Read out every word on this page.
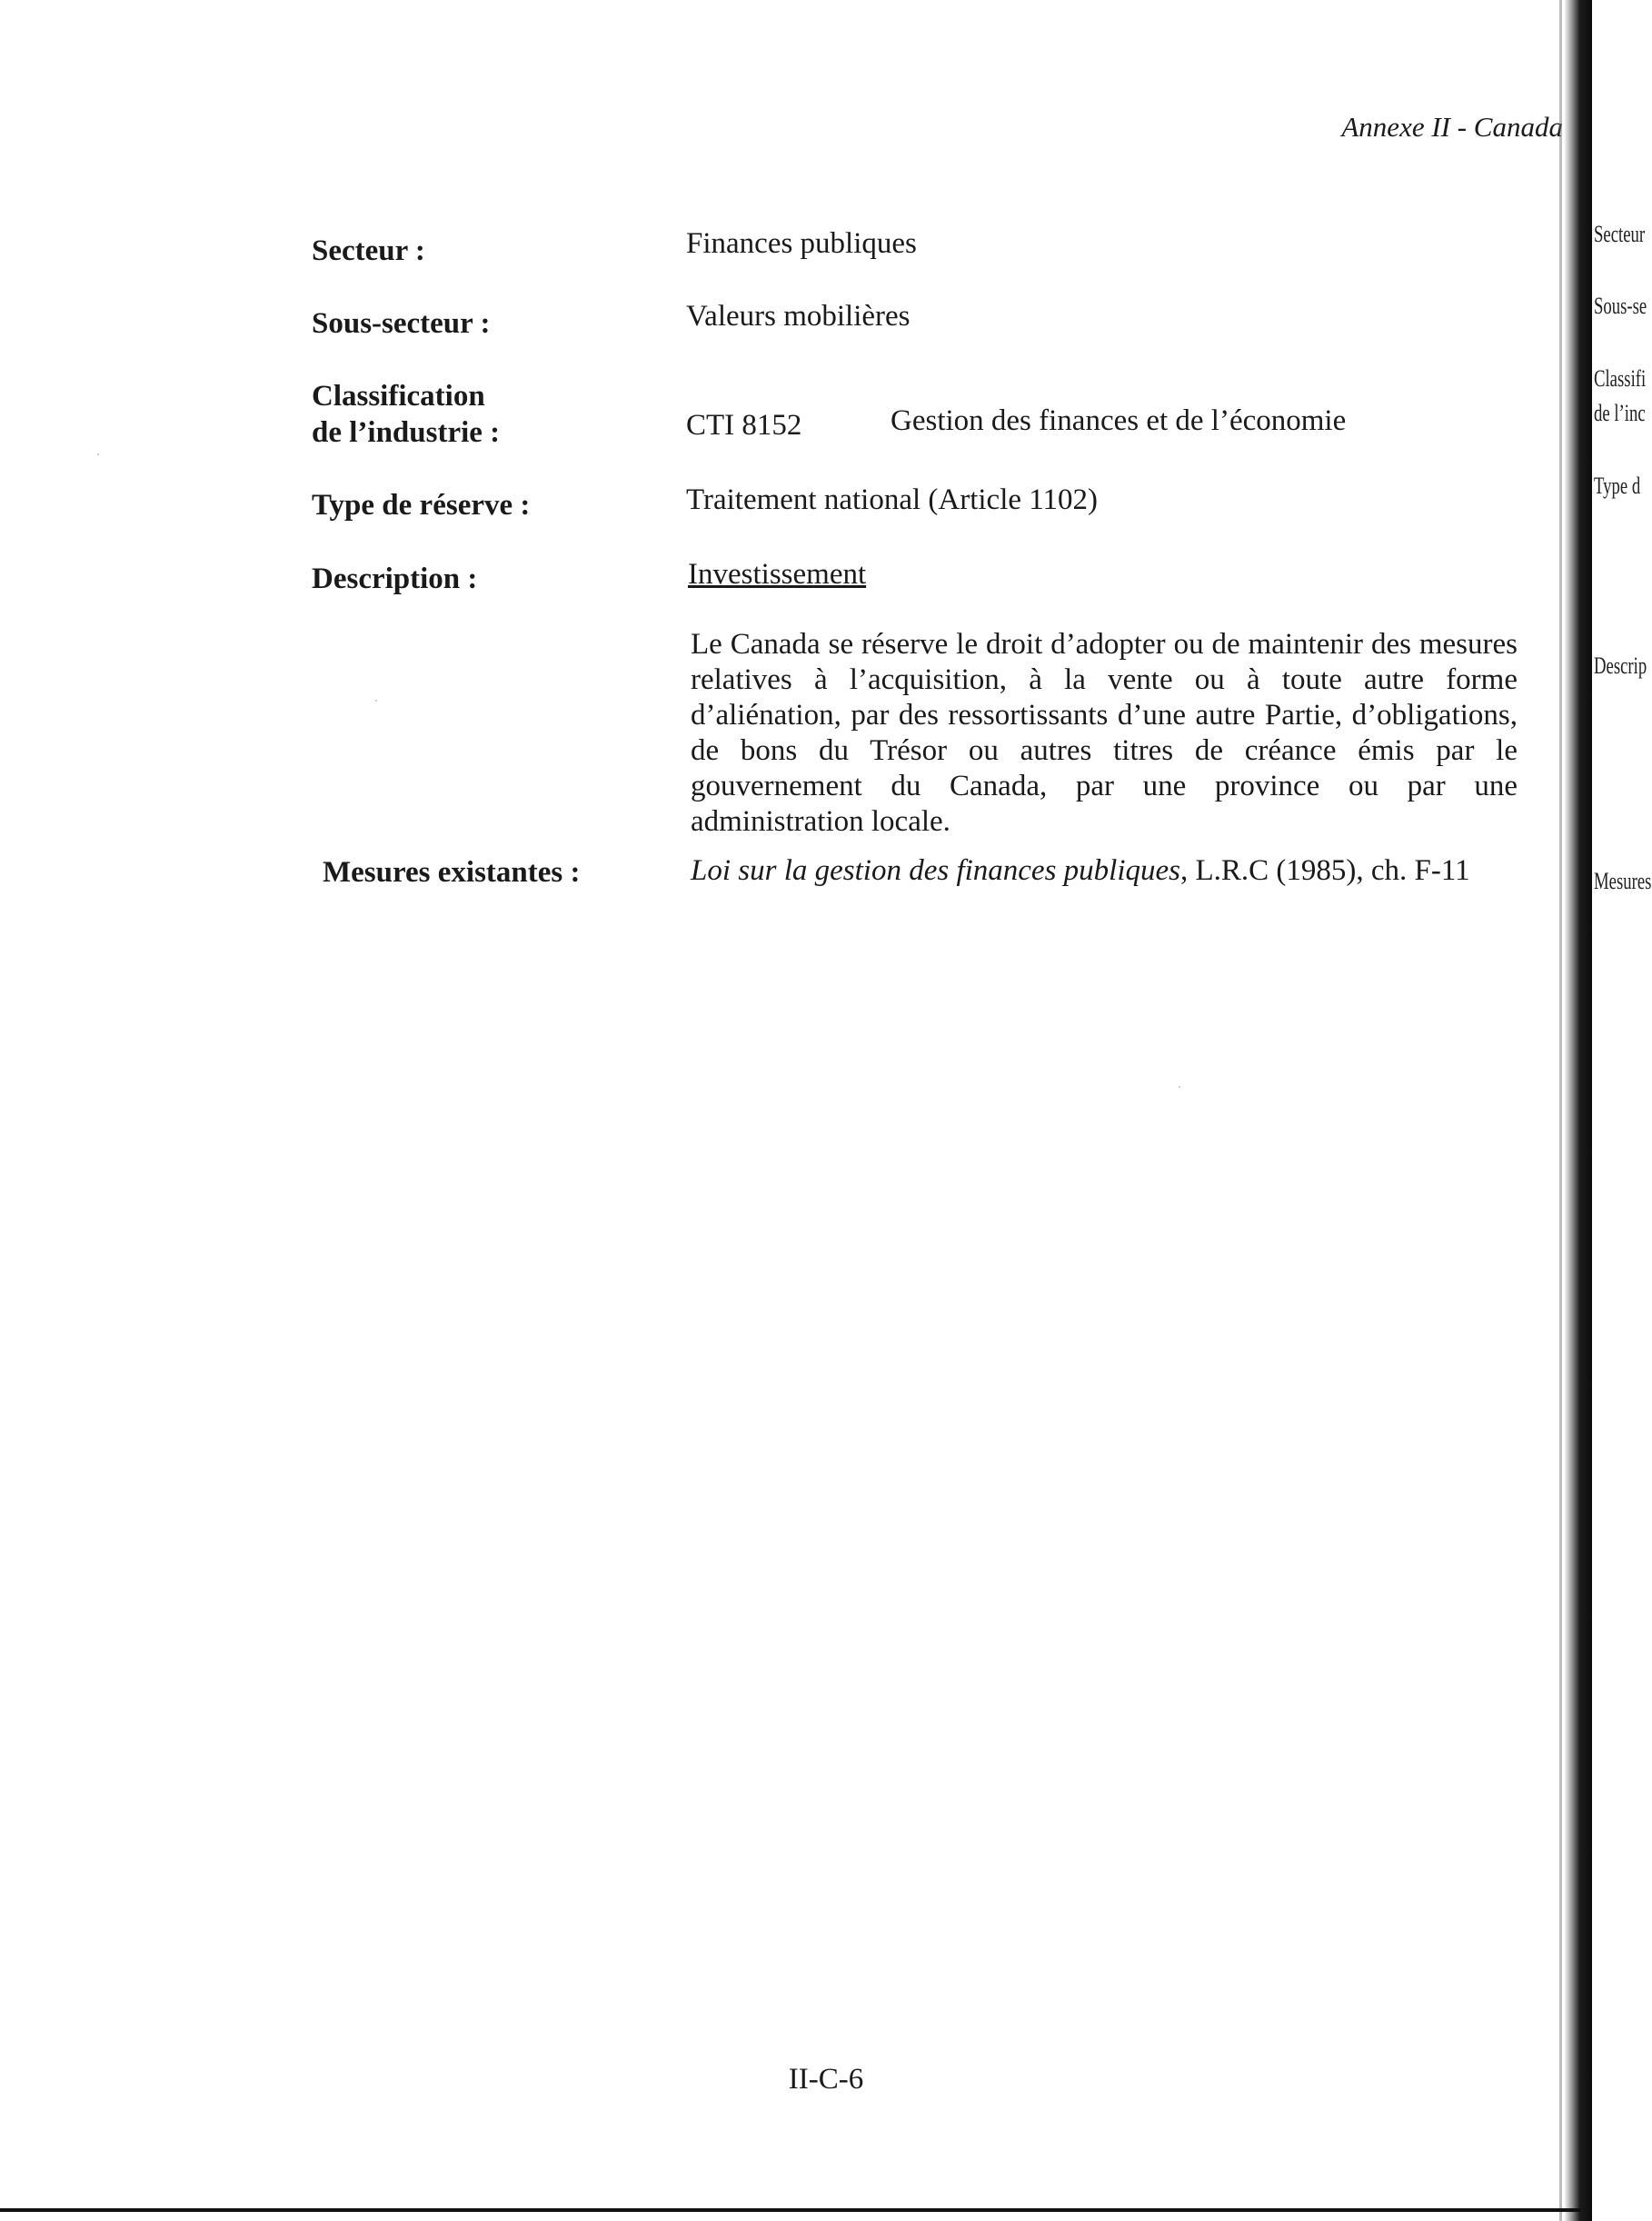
Annexe II - Canada
Secteur :	Finances publiques
Sous-secteur :	Valeurs mobilières
Classification
de l’industrie :	CTI 8152	Gestion des finances et de l’économie
Type de réserve :	Traitement national (Article 1102)
Description :	Investissement
Le Canada se réserve le droit d’adopter ou de maintenir des mesures relatives à l’acquisition, à la vente ou à toute autre forme d’aliénation, par des ressortissants d’une autre Partie, d’obligations, de bons du Trésor ou autres titres de créance émis par le gouvernement du Canada, par une province ou par une administration locale.
Mesures existantes :	Loi sur la gestion des finances publiques, L.R.C (1985), ch. F-11
II-C-6
Secteur
Sous-se
Classifi
de l’inc
Type d
Descrip
Mesures
